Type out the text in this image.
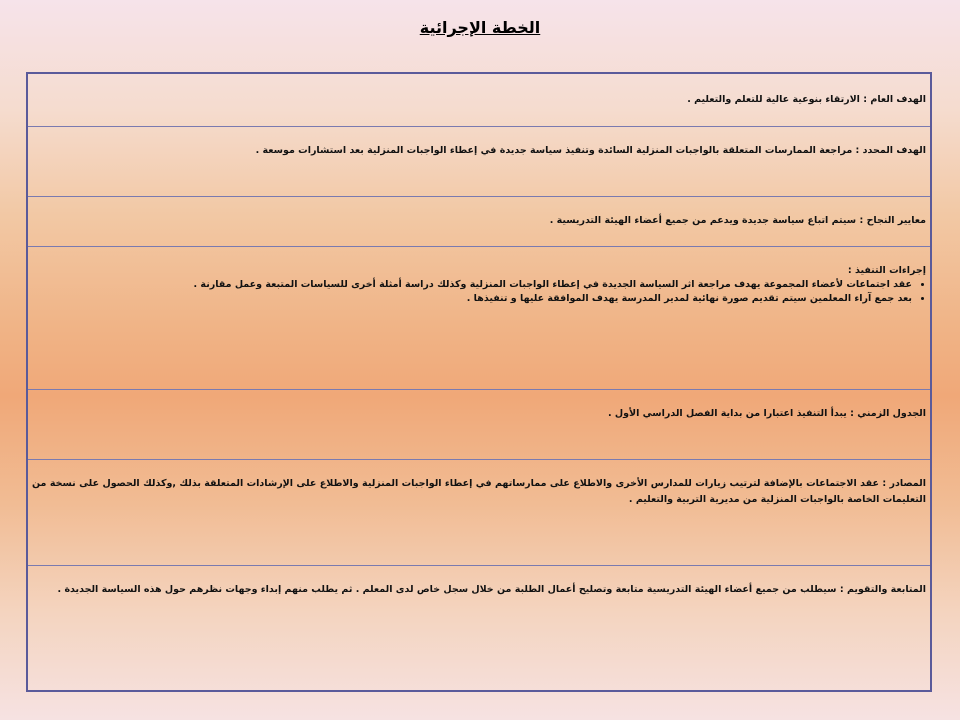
الخطة الإجرائية

الهدف العام : الارتقاء بنوعية عالية للتعلم والتعليم .

الهدف المحدد : مراجعة الممارسات المتعلقة بالواجبات المنزلية السائدة وتنفيذ سياسة جديدة في إعطاء الواجبات المنزلية بعد استشارات موسعة .

معايير النجاح : سيتم اتباع سياسة جديدة ويدعم من جميع أعضاء الهيئة التدريسية .

إجراءات التنفيذ :

• عقد اجتماعات لأعضاء المجموعة يهدف مراجعة اثر السياسة الجديدة في إعطاء الواجبات المنزلية وكذلك دراسة أمثلة أخرى للسياسات المتبعة وعمل مقارنة .
• بعد جمع آراء المعلمين سيتم تقديم صورة نهائية لمدير المدرسة يهدف الموافقة عليها و تنفيذها .

الجدول الزمني : يبدأ التنفيذ اعتبارا من بداية الفصل الدراسي الأول .

المصادر : عقد الاجتماعات بالإضافة لترتيب زيارات للمدارس الأخرى والاطلاع على ممارساتهم في إعطاء الواجبات المنزلية والاطلاع على الإرشادات المتعلقة بذلك ,وكذلك الحصول على نسخة من التعليمات الخاصة بالواجبات المنزلية من مديرية التربية والتعليم .

المتابعة والتقويم : سيطلب من جميع أعضاء الهيئة التدريسية متابعة وتصليح أعمال الطلبة من خلال سجل خاص لدى المعلم . ثم يطلب منهم إبداء وجهات نظرهم حول هذه السياسة الجديدة .
